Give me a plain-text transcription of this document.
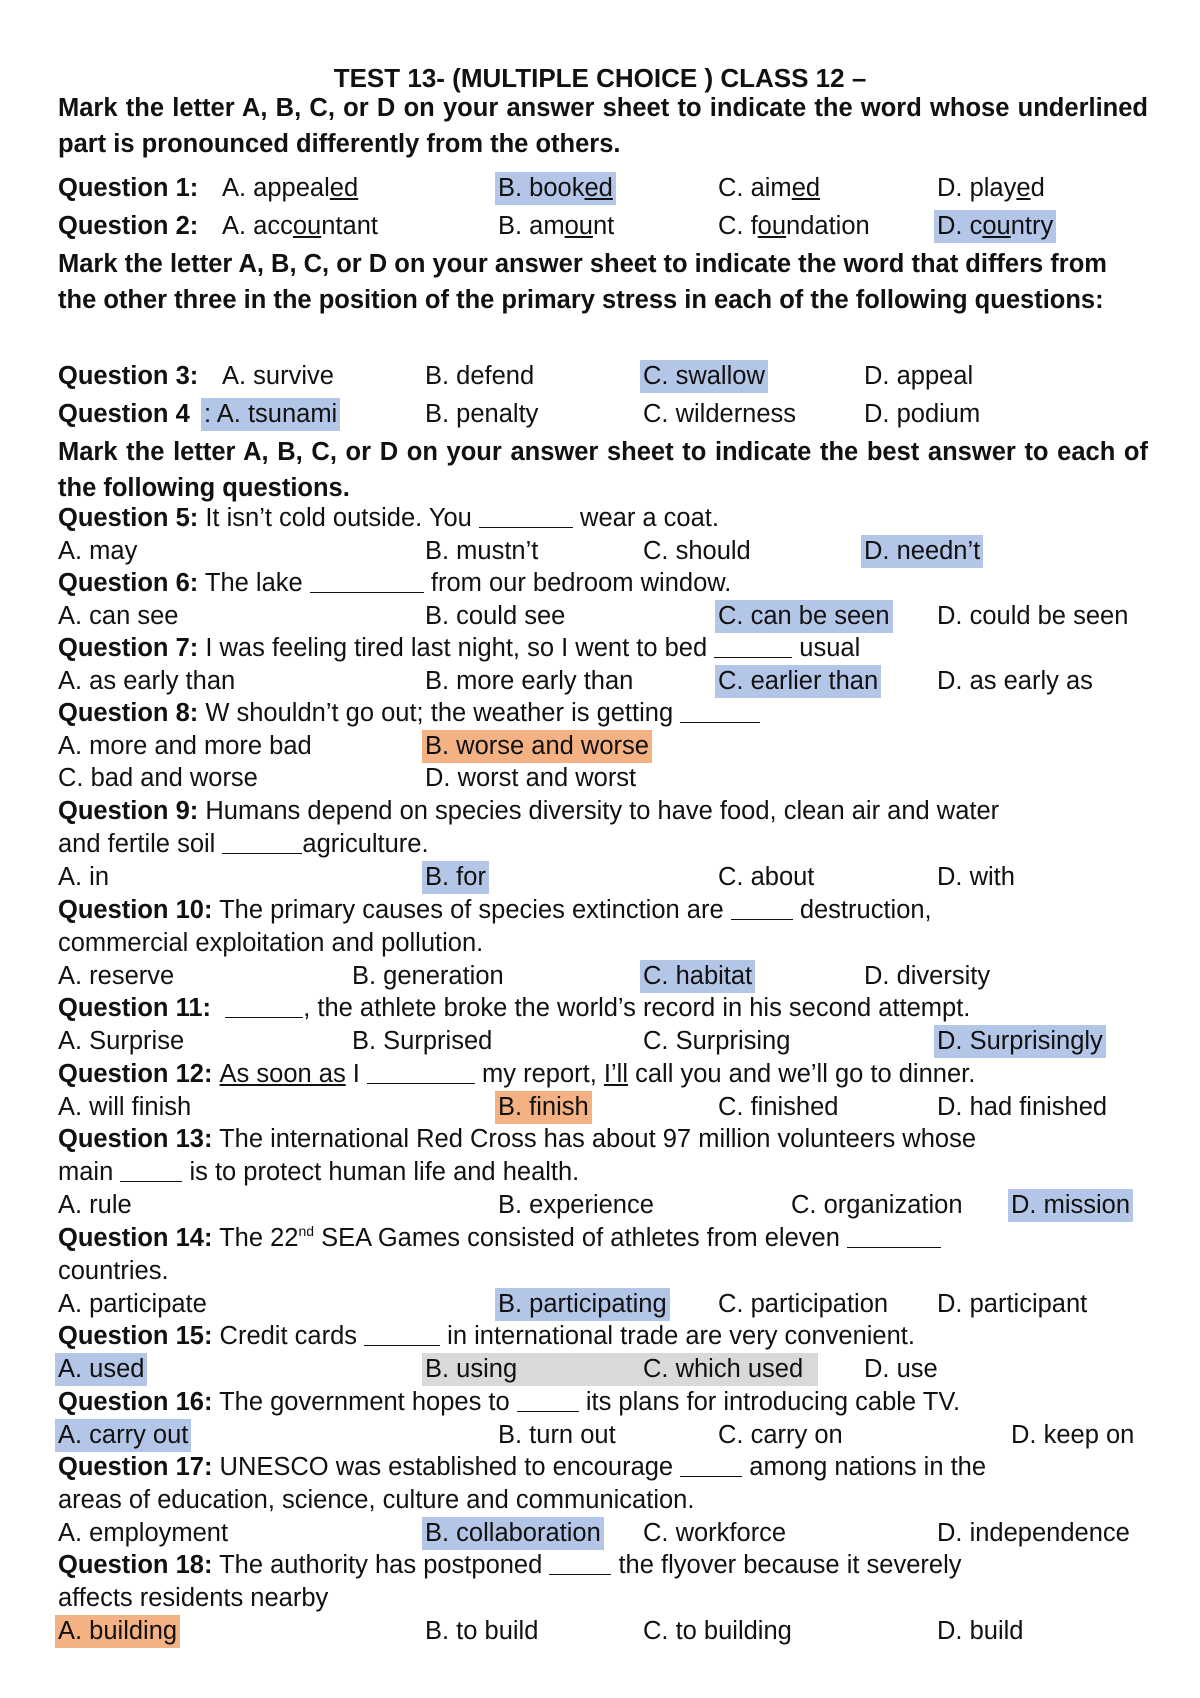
TEST 13- (MULTIPLE CHOICE ) CLASS 12 –
Mark the letter A, B, C, or D on your answer sheet to indicate the word whose underlined part is pronounced differently from the others.
Question 1: A. appealed	B. booked	C. aimed	D. played
Question 2: A. accountant	B. amount	C. foundation	D. country
Mark the letter A, B, C, or D on your answer sheet to indicate the word that differs from the other three in the position of the primary stress in each of the following questions:
Question 3: A. survive	B. defend	C. swallow	D. appeal
Question 4 : A. tsunami	B. penalty	C. wilderness	D. podium
Mark the letter A, B, C, or D on your answer sheet to indicate the best answer to each of the following questions.
Question 5: It isn’t cold outside. You	wear a coat.
A. may	B. mustn’t	C. should	D. needn’t
Question 6: The lake	from our bedroom window.
A. can see	B. could see	C. can be seen D. could be seen
Question 7: I was feeling tired last night, so I went to bed	usual
A. as early than	B. more early than	C. earlier than D. as early as
Question 8: W shouldn’t go out; the weather is getting
A. more and more bad	B. worse and worse
C. bad and worse	D. worst and worst
Question 9: Humans depend on species diversity to have food, clean air and water
and fertile soil	agriculture.
A. in	B. for	C. about	D. with
Question 10: The primary causes of species extinction are  destruction,
commercial exploitation and pollution.
A. reserve	B. generation	C. habitat	D. diversity
Question 11:	, the athlete broke the world’s record in his second attempt.
A. Surprise	B. Surprised	C. Surprising	D. Surprisingly
Question 12: As soon as I	my report, I’ll call you and we’ll go to dinner.
A. will finish	B. finish	C. finished	D. had finished
Question 13: The international Red Cross has about 97 million volunteers whose
main  is to protect human life and health.
A. rule	B. experience	C. organization D. mission
Question 14: The 22nd SEA Games consisted of athletes from eleven
countries.
A. participate	B. participating C. participation D. participant
Question 15: Credit cards	in international trade are very convenient.
A. used	B. using	C. which used D. use
Question 16: The government hopes to  its plans for introducing cable TV.
A. carry out	B. turn out	C. carry on	D. keep on
Question 17: UNESCO was established to encourage  among nations in the
areas of education, science, culture and communication.
A. employment	B. collaboration C. workforce	D. independence
Question 18: The authority has postponed  the flyover because it severely
affects residents nearby
A. building	B. to build	C. to building	D. build
